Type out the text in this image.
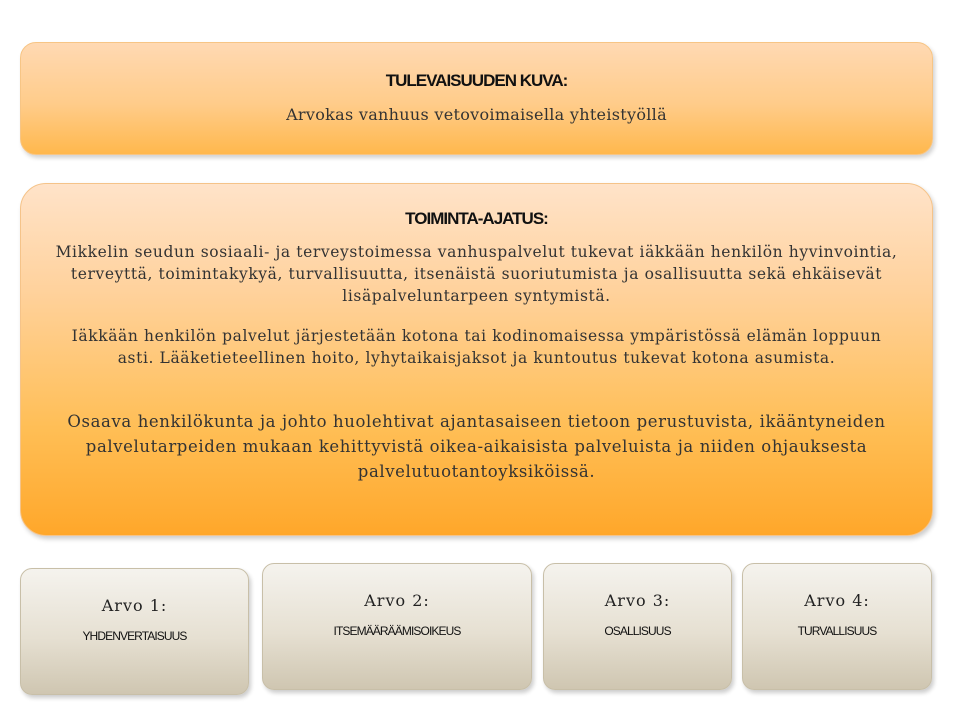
TULEVAISUUDEN KUVA:
Arvokas vanhuus vetovoimaisella yhteistyöllä
TOIMINTA-AJATUS:
Mikkelin seudun sosiaali- ja terveystoimessa vanhuspalvelut tukevat iäkkään henkilön hyvinvointia, terveyttä, toimintakykyä, turvallisuutta, itsenäistä suoriutumista ja osallisuutta sekä ehkäisevät lisäpalveluntarpeen syntymistä.
Iäkkään henkilön palvelut järjestetään kotona tai kodinomaisessa ympäristössä elämän loppuun asti. Lääketieteellinen hoito, lyhytaikaisjaksot ja kuntoutus tukevat kotona asumista.
Osaava henkilökunta ja johto huolehtivat ajantasaiseen tietoon perustuvista, ikääntyneiden palvelutarpeiden mukaan kehittyvistä oikea-aikaisista palveluista ja niiden ohjauksesta palvelutuotantoyksiköissä.
Arvo 1:
YHDENVERTAISUUS
Arvo 2:
ITSEMÄÄRÄÄMISOIKEUS
Arvo 3:
OSALLISUUS
Arvo 4:
TURVALLISUUS
